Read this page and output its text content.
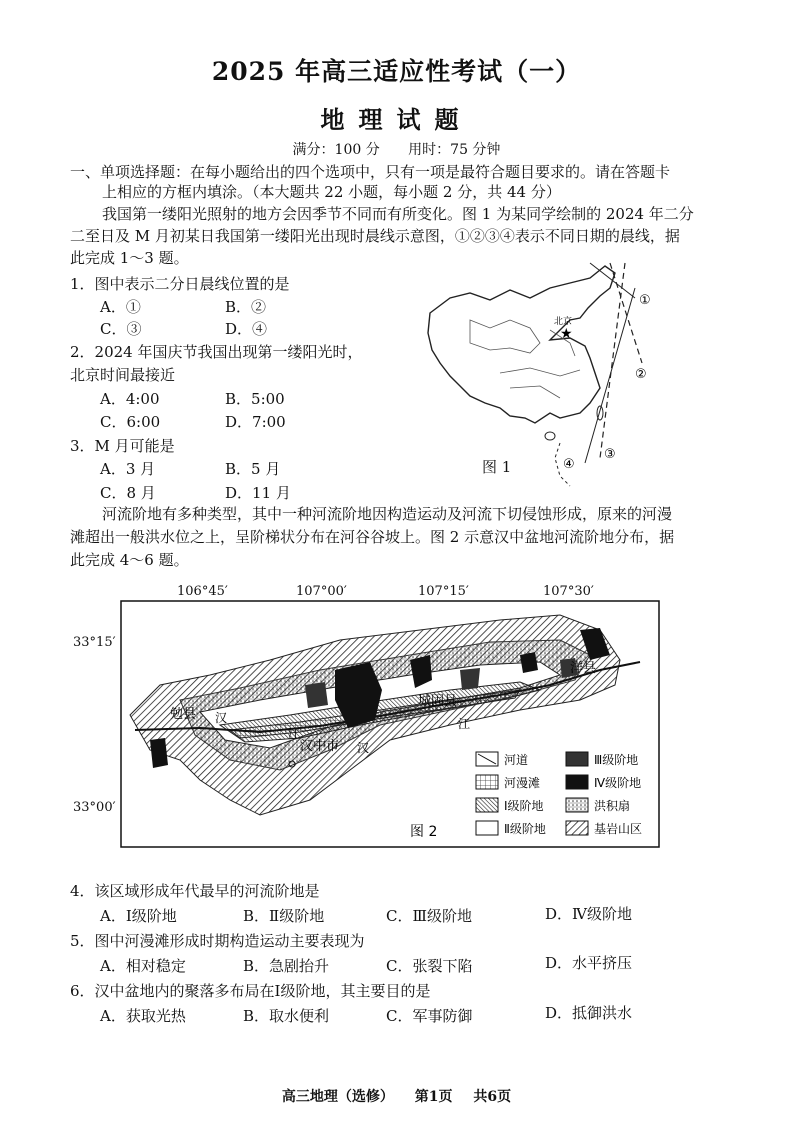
2025 年高三适应性考试（一）
地理试题
满分：100 分 用时：75 分钟
一、单项选择题：在每小题给出的四个选项中，只有一项是最符合题目要求的。请在答题卡
上相应的方框内填涂。（本大题共 22 小题，每小题 2 分，共 44 分）
我国第一缕阳光照射的地方会因季节不同而有所变化。图 1 为某同学绘制的 2024 年二分
二至日及 M 月初某日我国第一缕阳光出现时晨线示意图，①②③④表示不同日期的晨线，据
此完成 1～3 题。
1．图中表示二分日晨线位置的是
A．①	B．②
C．③	D．④
2．2024 年国庆节我国出现第一缕阳光时，
北京时间最接近
A．4:00	B．5:00
C．6:00	D．7:00
3．M 月可能是
A．3 月	B．5 月
C．8 月	D．11 月
北京
★
①
②
③
④
图 1
河流阶地有多种类型，其中一种河流阶地因构造运动及河流下切侵蚀形成，原来的河漫
滩超出一般洪水位之上，呈阶梯状分布在河谷谷坡上。图 2 示意汉中盆地河流阶地分布，据
此完成 4～6 题。
106°45′	107°00′	107°15′	107°30′
33°15′
33°00′
勉县 汉
江
汉中市 汉
城固县
江
洋县
图 2
河道
河漫滩
Ⅰ级阶地
Ⅱ级阶地
Ⅲ级阶地
Ⅳ级阶地
洪积扇
基岩山区
4．该区域形成年代最早的河流阶地是
A．Ⅰ级阶地	B．Ⅱ级阶地	C．Ⅲ级阶地	D．Ⅳ级阶地
5．图中河漫滩形成时期构造运动主要表现为
A．相对稳定	B．急剧抬升	C．张裂下陷	D．水平挤压
6．汉中盆地内的聚落多布局在Ⅰ级阶地，其主要目的是
A．获取光热	B．取水便利	C．军事防御	D．抵御洪水
高三地理（选修） 第1页 共6页
